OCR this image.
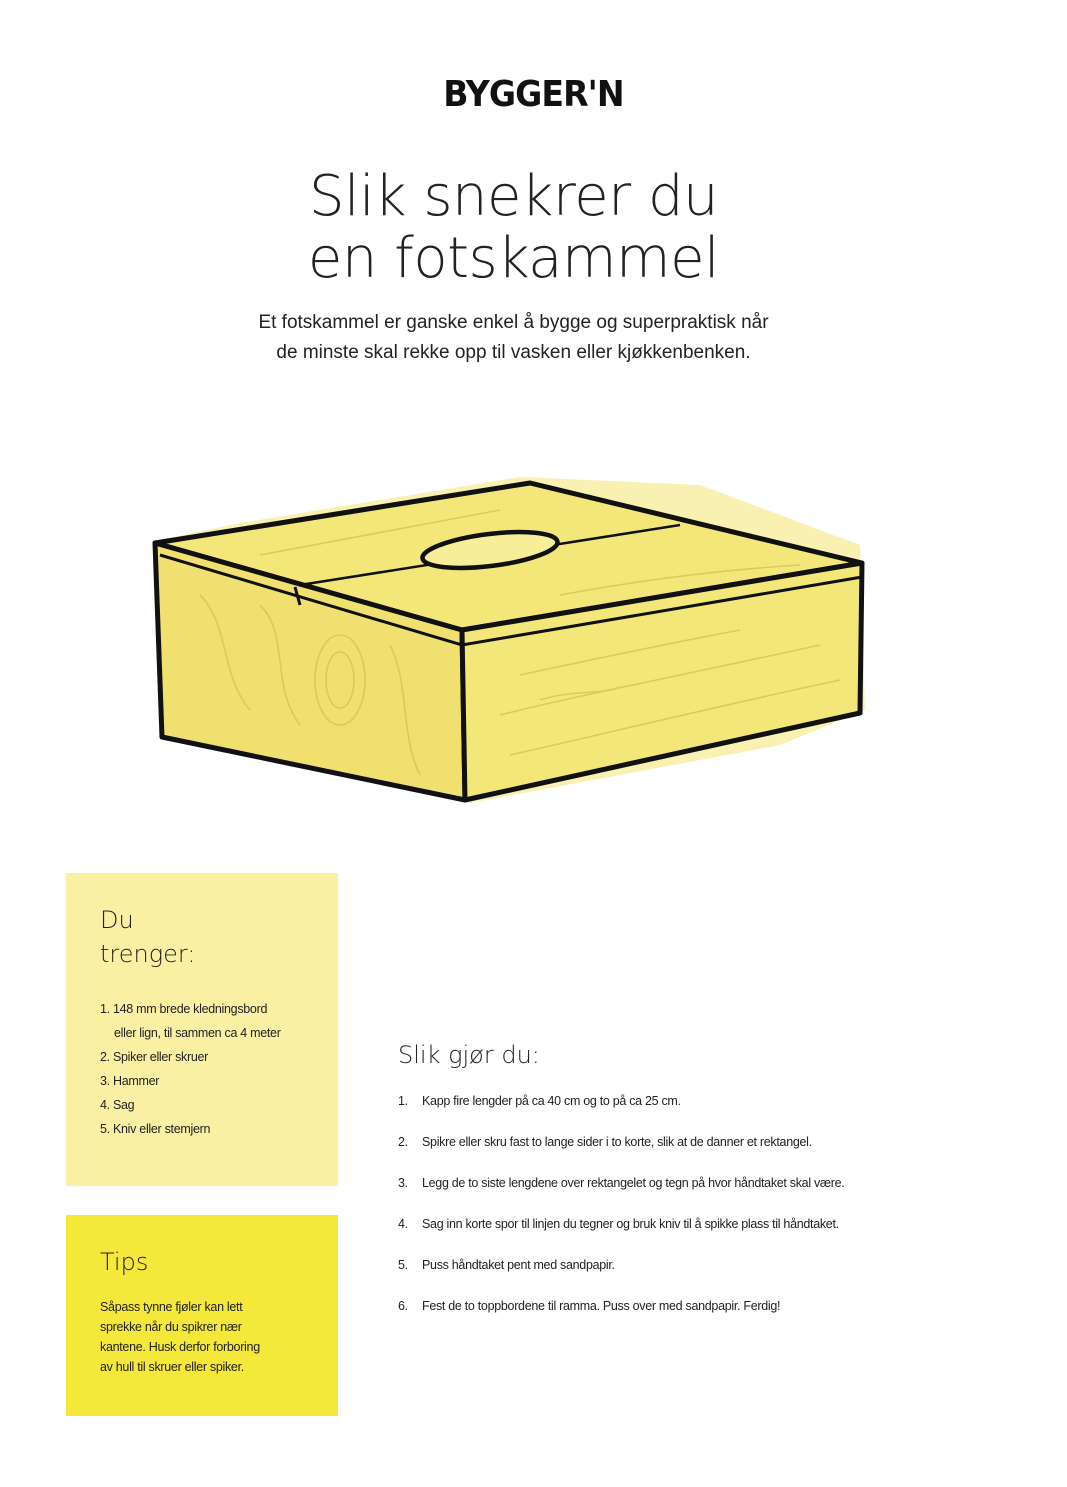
BYGGER'N
Slik snekrer du
en fotskammel

Et fotskammel er ganske enkel å bygge og superpraktisk når
de minste skal rekke opp til vasken eller kjøkkenbenken.

Du
trenger:
1. 148 mm brede kledningsbord
eller lign, til sammen ca 4 meter
2. Spiker eller skruer
3. Hammer
4. Sag
5. Kniv eller stemjern
Tips

Såpass tynne fjøler kan lett
sprekke når du spikrer nær
kantene. Husk derfor forboring
av hull til skruer eller spiker.

Slik gjør du:
1.	Kapp fire lengder på ca 40 cm og to på ca 25 cm.
2.	Spikre eller skru fast to lange sider i to korte, slik at de danner et rektangel.
3.	Legg de to siste lengdene over rektangelet og tegn på hvor håndtaket skal være.
4.	Sag inn korte spor til linjen du tegner og bruk kniv til å spikke plass til håndtaket.
5.	Puss håndtaket pent med sandpapir.
6.	Fest de to toppbordene til ramma. Puss over med sandpapir. Ferdig!
